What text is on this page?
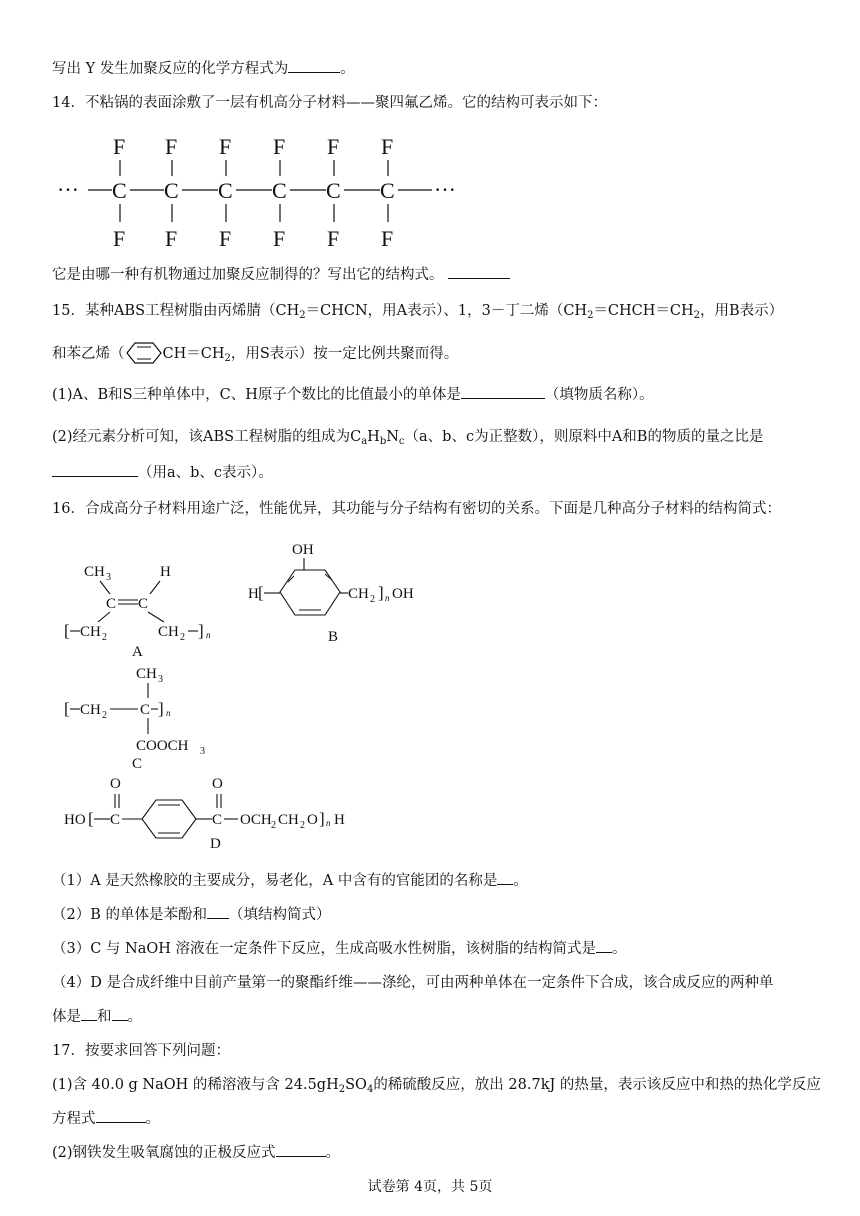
写出 Y 发生加聚反应的化学方程式为	。
14．不粘锅的表面涂敷了一层有机高分子材料——聚四氟乙烯。它的结构可表示如下：
···
F
C
F
F
C
F
F
C
F
F
C
F
F
C
F
F
C
F
···
它是由哪一种有机物通过加聚反应制得的？写出它的结构式。
15．某种ABS工程树脂由丙烯腈（$CH_2=CHCN$，用A表示）、1，3－丁二烯（$CH_2=CHCH=CH_2$，用B表示）
和苯乙烯（	$CH=CH_2$，用S表示）按一定比例共聚而得。
(1)A、B和S三种单体中，C、H原子个数比的比值最小的单体是	（填物质名称）。
(2)经元素分析可知，该ABS工程树脂的组成为$C_aH_bN_c(a$、b、c为正整数），则原料中A和B的物质的量之比是
（用a、b、c表示）。
16．合成高分子材料用途广泛，性能优异，其功能与分子结构有密切的关系。下面是几种高分子材料的结构简式：
CH 3	H
C C
[ CH 2	CH 2 ] n
A
OH
H [	CH 2 ] n OH
B
CH 3
[ CH 2 C ] n
COOCH 3
C
O	O
HO [ C	C OCH 2 CH 2 O ] n H
D
（1）A 是天然橡胶的主要成分，易老化，A 中含有的官能团的名称是 。
（2）B 的单体是苯酚和 （填结构简式）
（3）C 与 NaOH 溶液在一定条件下反应，生成高吸水性树脂，该树脂的结构简式是 。
（4）D 是合成纤维中目前产量第一的聚酯纤维——涤纶，可由两种单体在一定条件下合成，该合成反应的两种单
体是 和 。
17．按要求回答下列问题：
(1)含 40.0 g NaOH 的稀溶液与含 $24.5gH_2SO_4$的稀硫酸反应，放出 28.7kJ 的热量，表示该反应中和热的热化学反应
方程式	。
(2)钢铁发生吸氧腐蚀的正极反应式	。
试卷第 4页，共 5页
